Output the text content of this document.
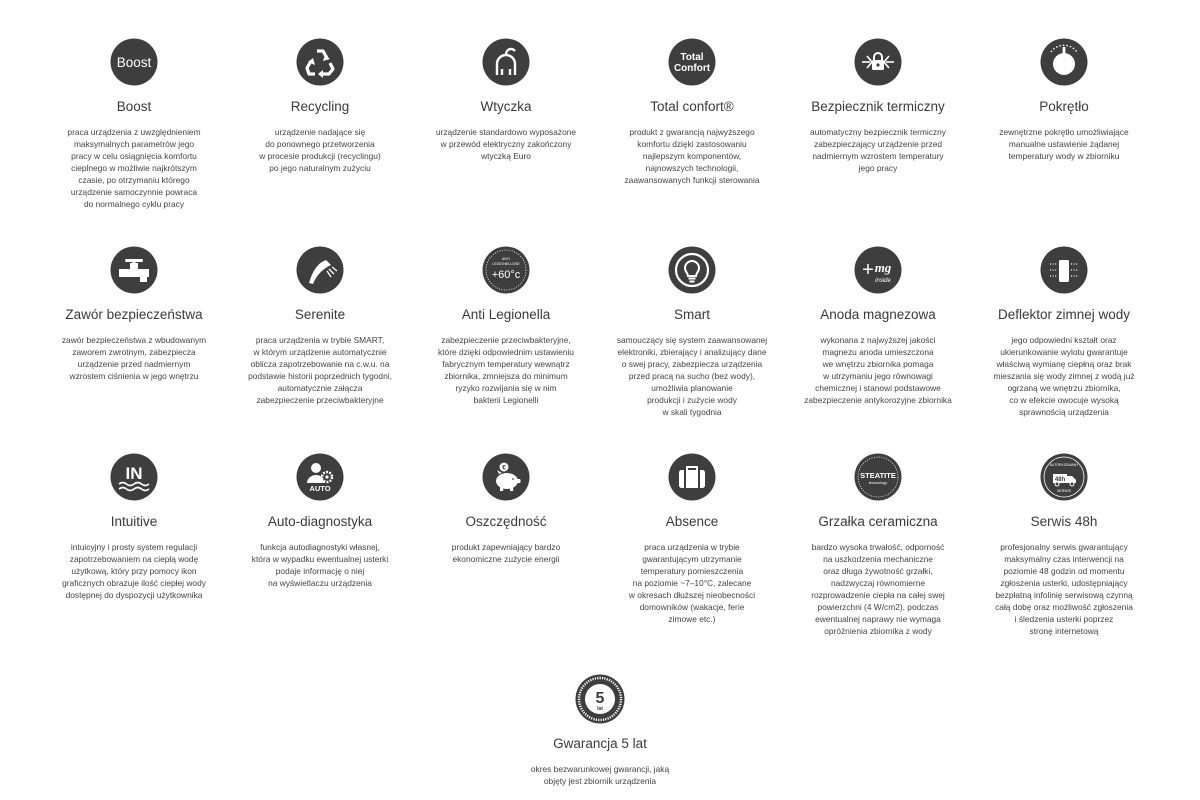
Boost
Boost
praca urządzenia z uwzględnieniem
maksymalnych parametrów jego
pracy w celu osiągnięcia komfortu
cieplnego w możliwie najkrótszym
czasie, po otrzymaniu którego
urządzenie samoczynnie powraca
do normalnego cyklu pracy
Recycling
urządzenie nadające się
do ponownego przetworzenia
w procesie produkcji (recyclingu)
po jego naturalnym zużyciu
Wtyczka
urządzenie standardowo wyposażone
w przewód elektryczny zakończony
wtyczką Euro
Total
Confort
Total confort®
produkt z gwarancją najwyższego
komfortu dzięki zastosowaniu
najlepszym komponentów,
najnowszych technologii,
zaawansowanych funkcji sterowania
Bezpiecznik termiczny
automatyczny bezpiecznik termiczny
zabezpieczający urządzenie przed
nadmiernym wzrostem temperatury
jego pracy
Pokrętło
zewnętrzne pokrętło umożliwiające
manualne ustawienie żądanej
temperatury wody w zbiorniku
Zawór bezpieczeństwa
zawór bezpieczeństwa z wbudowanym
zaworem zwrotnym, zabezpiecza
urządzenie przed nadmiernym
wzrostem ciśnienia w jego wnętrzu
Serenite
praca urządzenia w trybie SMART,
w którym urządzenie automatycznie
oblicza zapotrzebowanie na c.w.u. na
podstawie historii poprzednich tygodni,
automatycznie załącza
zabezpieczenie przeciwbakteryjne
ANTI
LEGIONELLOSE
+60°c
Anti Legionella
zabezpieczenie przeciwbakteryjne,
które dzięki odpowiednim ustawieniu
fabrycznym temperatury wewnątrz
zbiornika, zmniejsza do minimum
ryzyko rozwijania się w nim
bakterii Legionelli
Smart
samouczący się system zaawansowanej
elektroniki, zbierający i analizujący dane
o swej pracy, zabezpiecza urządzenia
przed pracą na sucho (bez wody),
umożliwia planowanie
produkcji i zużycie wody
w skali tygodnia
+ mg
inside
Anoda magnezowa
wykonana z najwyższej jakości
magnezu anoda umieszczona
we wnętrzu zbiornika pomaga
w utrzymaniu jego równowagi
chemicznej i stanowi podstawowe
zabezpieczenie antykorozyjne zbiornika
Deflektor zimnej wody
jego odpowiedni kształt oraz
ukierunkowanie wylotu gwarantuje
właściwą wymianę ciepłną oraz brak
mieszania się wody zimnej z wodą już
ogrzaną we wnętrzu zbiornika,
co w efekcie owocuje wysoką
sprawnością urządzenia
IN
Intuitive
intuicyjny i prosty system regulacji
zapotrzebowaniem na ciepłą wodę
użytkową, który przy pomocy ikon
graficznych obrazuje ilość ciepłej wody
dostępnej do dyspozycji użytkownika
AUTO
Auto-diagnostyka
funkcja autodiagnostyki własnej,
która w wypadku ewentualnej usterki
podaje informację o niej
na wyświetlaczu urządzenia
€
Oszczędność
produkt zapewniający bardzo
ekonomiczne zużycie energii
Absence
praca urządzenia w trybie
gwarantującym utrzymanie
temperatury pomieszczenia
na poziomie ~7–10°C, zalecane
w okresach dłuższej nieobecności
domowników (wakacje, ferie
zimowe etc.)
STEATITE
technology
Grzałka ceramiczna
bardzo wysoka trwałość, odporność
na uszkodzenia mechaniczne
oraz długa żywotność grzałki,
nadzwyczaj równomierne
rozprowadzenie ciepła na całej swej
powierzchni (4 W/cm2), podczas
ewentualnej naprawy nie wymaga
opróżnienia zbiornika z wody
AUTORYZOWANY
48h
SERWIS
Serwis 48h
profesjonalny serwis gwarantujący
maksymalny czas interwencji na
poziomie 48 godzin od momentu
zgłoszenia usterki, udostępniający
bezpłatną infolinię serwisową czynną
całą dobę oraz możliwość zgłoszenia
i śledzenia usterki poprzez
stronę internetową
5
lat
Gwarancja 5 lat
okres bezwarunkowej gwarancji, jaką
objęty jest zbiornik urządzenia
